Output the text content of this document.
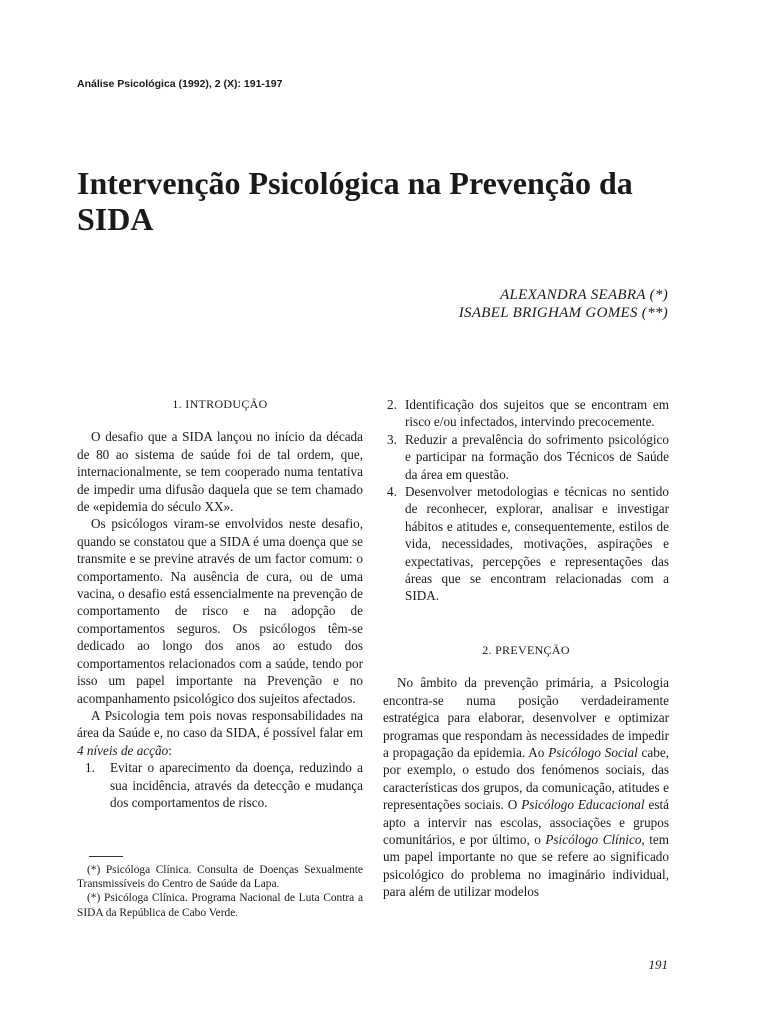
Análise Psicológica (1992), 2 (X): 191-197
Intervenção Psicológica na Prevenção da SIDA
ALEXANDRA SEABRA (*)
ISABEL BRIGHAM GOMES (**)
1. INTRODUÇÃO

O desafio que a SIDA lançou no início da década de 80 ao sistema de saúde foi de tal ordem, que, internacionalmente, se tem cooperado numa tentativa de impedir uma difusão daquela que se tem chamado de «epidemia do século XX».

Os psicólogos viram-se envolvidos neste desafio, quando se constatou que a SIDA é uma doença que se transmite e se previne através de um factor comum: o comportamento. Na ausência de cura, ou de uma vacina, o desafio está essencialmente na prevenção de comportamento de risco e na adopção de comportamentos seguros. Os psicólogos têm-se dedicado ao longo dos anos ao estudo dos comportamentos relacionados com a saúde, tendo por isso um papel importante na Prevenção e no acompanhamento psicológico dos sujeitos afectados.

A Psicologia tem pois novas responsabilidades na área da Saúde e, no caso da SIDA, é possível falar em 4 níveis de acção:

1. Evitar o aparecimento da doença, reduzindo a sua incidência, através da detecção e mudança dos comportamentos de risco.

(*) Psicóloga Clínica. Consulta de Doenças Sexualmente Transmissíveis do Centro de Saúde da Lapa.

(*) Psicóloga Clínica. Programa Nacional de Luta Contra a SIDA da República de Cabo Verde.

2. Identificação dos sujeitos que se encontram em risco e/ou infectados, intervindo precocemente.
3. Reduzir a prevalência do sofrimento psicológico e participar na formação dos Técnicos de Saúde da área em questão.
4. Desenvolver metodologias e técnicas no sentido de reconhecer, explorar, analisar e investigar hábitos e atitudes e, consequentemente, estilos de vida, necessidades, motivações, aspirações e expectativas, percepções e representações das áreas que se encontram relacionadas com a SIDA.
2. PREVENÇÃO

No âmbito da prevenção primária, a Psicologia encontra-se numa posição verdadeiramente estratégica para elaborar, desenvolver e optimizar programas que respondam às necessidades de impedir a propagação da epidemia. Ao Psicólogo Social cabe, por exemplo, o estudo dos fenómenos sociais, das características dos grupos, da comunicação, atitudes e representações sociais. O Psicólogo Educacional está apto a intervir nas escolas, associações e grupos comunitários, e por último, o Psicólogo Clínico, tem um papel importante no que se refere ao significado psicológico do problema no imaginário individual, para além de utilizar modelos

191
